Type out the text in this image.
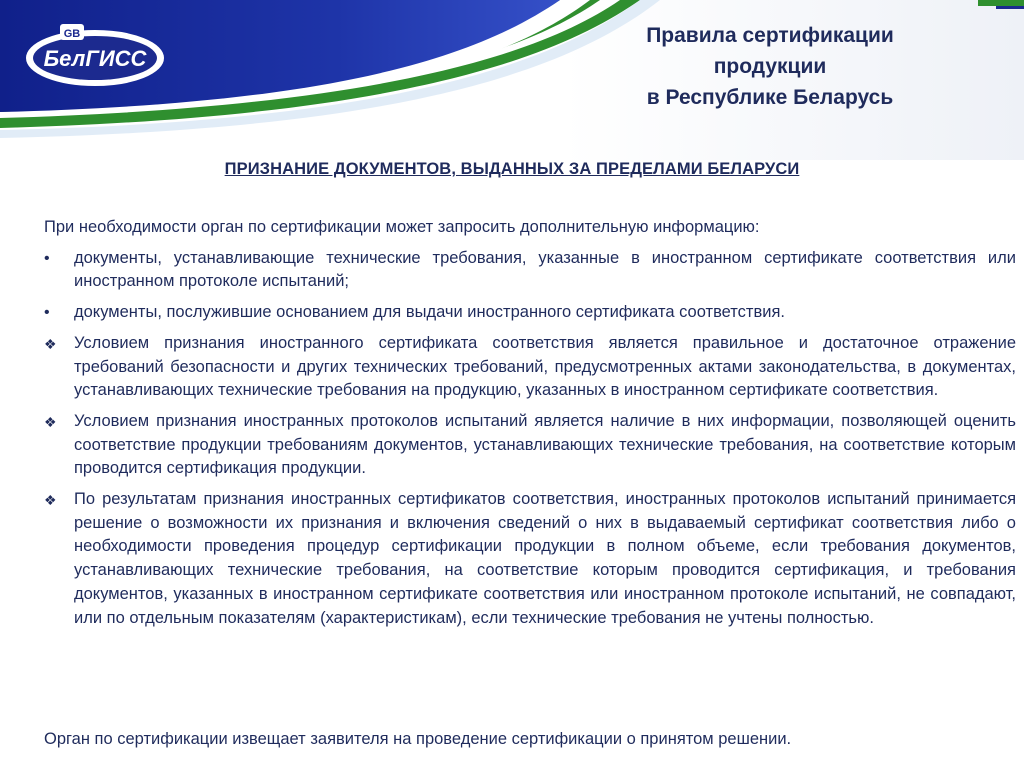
БелГИСС
GB	Правила сертификации
продукции
в Республике Беларусь
ПРИЗНАНИЕ ДОКУМЕНТОВ, ВЫДАННЫХ ЗА ПРЕДЕЛАМИ БЕЛАРУСИ
При необходимости орган по сертификации может запросить дополнительную информацию:
•	документы, устанавливающие технические требования, указанные в иностранном сертификате соответствия или иностранном протоколе испытаний;
•	документы, послужившие основанием для выдачи иностранного сертификата соответствия.
❖	Условием признания иностранного сертификата соответствия является правильное и достаточное отражение требований безопасности и других технических требований, предусмотренных актами законодательства, в документах, устанавливающих технические требования на продукцию, указанных в иностранном сертификате соответствия.
❖	Условием признания иностранных протоколов испытаний является наличие в них информации, позволяющей оценить соответствие продукции требованиям документов, устанавливающих технические требования, на соответствие которым проводится сертификация продукции.
❖	По результатам признания иностранных сертификатов соответствия, иностранных протоколов испытаний принимается решение о возможности их признания и включения сведений о них в выдаваемый сертификат соответствия либо о необходимости проведения процедур сертификации продукции в полном объеме, если требования документов, устанавливающих технические требования, на соответствие которым проводится сертификация, и требования документов, указанных в иностранном сертификате соответствия или иностранном протоколе испытаний, не совпадают, или по отдельным показателям (характеристикам), если технические требования не учтены полностью.
Орган по сертификации извещает заявителя на проведение сертификации о принятом решении.
